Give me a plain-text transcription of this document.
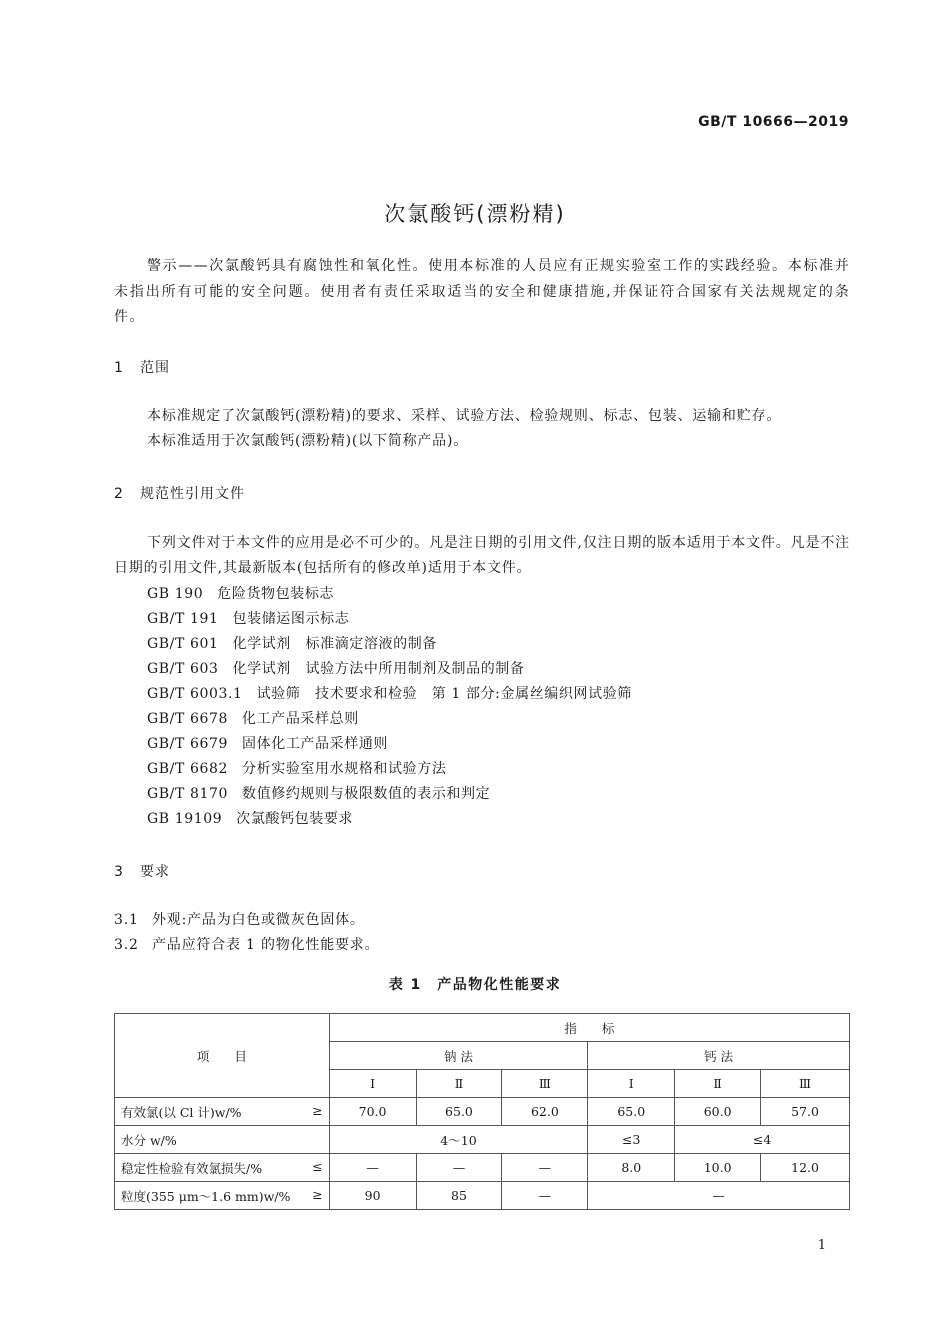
GB/T 10666—2019
次氯酸钙(漂粉精)
警示——次氯酸钙具有腐蚀性和氧化性。使用本标准的人员应有正规实验室工作的实践经验。本标准并未指出所有可能的安全问题。使用者有责任采取适当的安全和健康措施,并保证符合国家有关法规规定的条件。
1 范围
本标准规定了次氯酸钙(漂粉精)的要求、采样、试验方法、检验规则、标志、包装、运输和贮存。
本标准适用于次氯酸钙(漂粉精)(以下简称产品)。
2 规范性引用文件
下列文件对于本文件的应用是必不可少的。凡是注日期的引用文件,仅注日期的版本适用于本文件。凡是不注日期的引用文件,其最新版本(包括所有的修改单)适用于本文件。
GB 190 危险货物包装标志
GB/T 191 包装储运图示标志
GB/T 601 化学试剂　标准滴定溶液的制备
GB/T 603 化学试剂　试验方法中所用制剂及制品的制备
GB/T 6003.1 试验筛　技术要求和检验　第 1 部分:金属丝编织网试验筛
GB/T 6678 化工产品采样总则
GB/T 6679 固体化工产品采样通则
GB/T 6682 分析实验室用水规格和试验方法
GB/T 8170 数值修约规则与极限数值的表示和判定
GB 19109 次氯酸钙包装要求
3 要求
3.1 外观:产品为白色或微灰色固体。
3.2 产品应符合表 1 的物化性能要求。
表 1　产品物化性能要求
项　　目	指　　标					
	钠 法			钙 法		
	Ⅰ	Ⅱ	Ⅲ	Ⅰ	Ⅱ	Ⅲ
有效氯(以 Cl 计)w/% ≥	70.0	65.0	62.0	65.0	60.0	57.0
水分 w/%	4～10			≤3	≤4	
稳定性检验有效氯损失/% ≤	—	—	—	8.0	10.0	12.0
粒度(355 μm～1.6 mm)w/% ≥	90	85	—	—		
1
